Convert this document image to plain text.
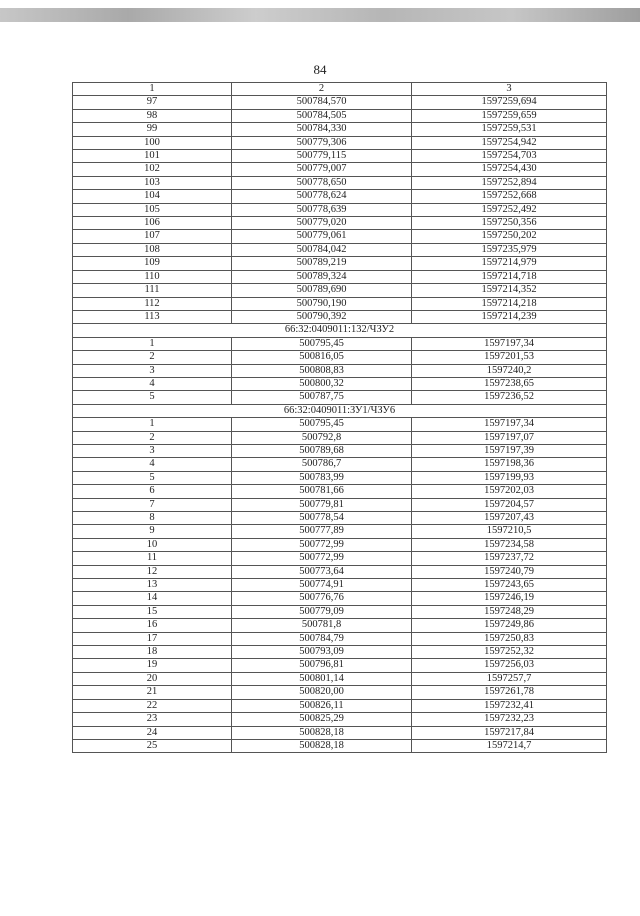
84
1	2	3
97	500784,570	1597259,694
98	500784,505	1597259,659
99	500784,330	1597259,531
100	500779,306	1597254,942
101	500779,115	1597254,703
102	500779,007	1597254,430
103	500778,650	1597252,894
104	500778,624	1597252,668
105	500778,639	1597252,492
106	500779,020	1597250,356
107	500779,061	1597250,202
108	500784,042	1597235,979
109	500789,219	1597214,979
110	500789,324	1597214,718
111	500789,690	1597214,352
112	500790,190	1597214,218
113	500790,392	1597214,239
66:32:0409011:132/ЧЗУ2		
1	500795,45	1597197,34
2	500816,05	1597201,53
3	500808,83	1597240,2
4	500800,32	1597238,65
5	500787,75	1597236,52
66:32:0409011:ЗУ1/ЧЗУ6		
1	500795,45	1597197,34
2	500792,8	1597197,07
3	500789,68	1597197,39
4	500786,7	1597198,36
5	500783,99	1597199,93
6	500781,66	1597202,03
7	500779,81	1597204,57
8	500778,54	1597207,43
9	500777,89	1597210,5
10	500772,99	1597234,58
11	500772,99	1597237,72
12	500773,64	1597240,79
13	500774,91	1597243,65
14	500776,76	1597246,19
15	500779,09	1597248,29
16	500781,8	1597249,86
17	500784,79	1597250,83
18	500793,09	1597252,32
19	500796,81	1597256,03
20	500801,14	1597257,7
21	500820,00	1597261,78
22	500826,11	1597232,41
23	500825,29	1597232,23
24	500828,18	1597217,84
25	500828,18	1597214,7
